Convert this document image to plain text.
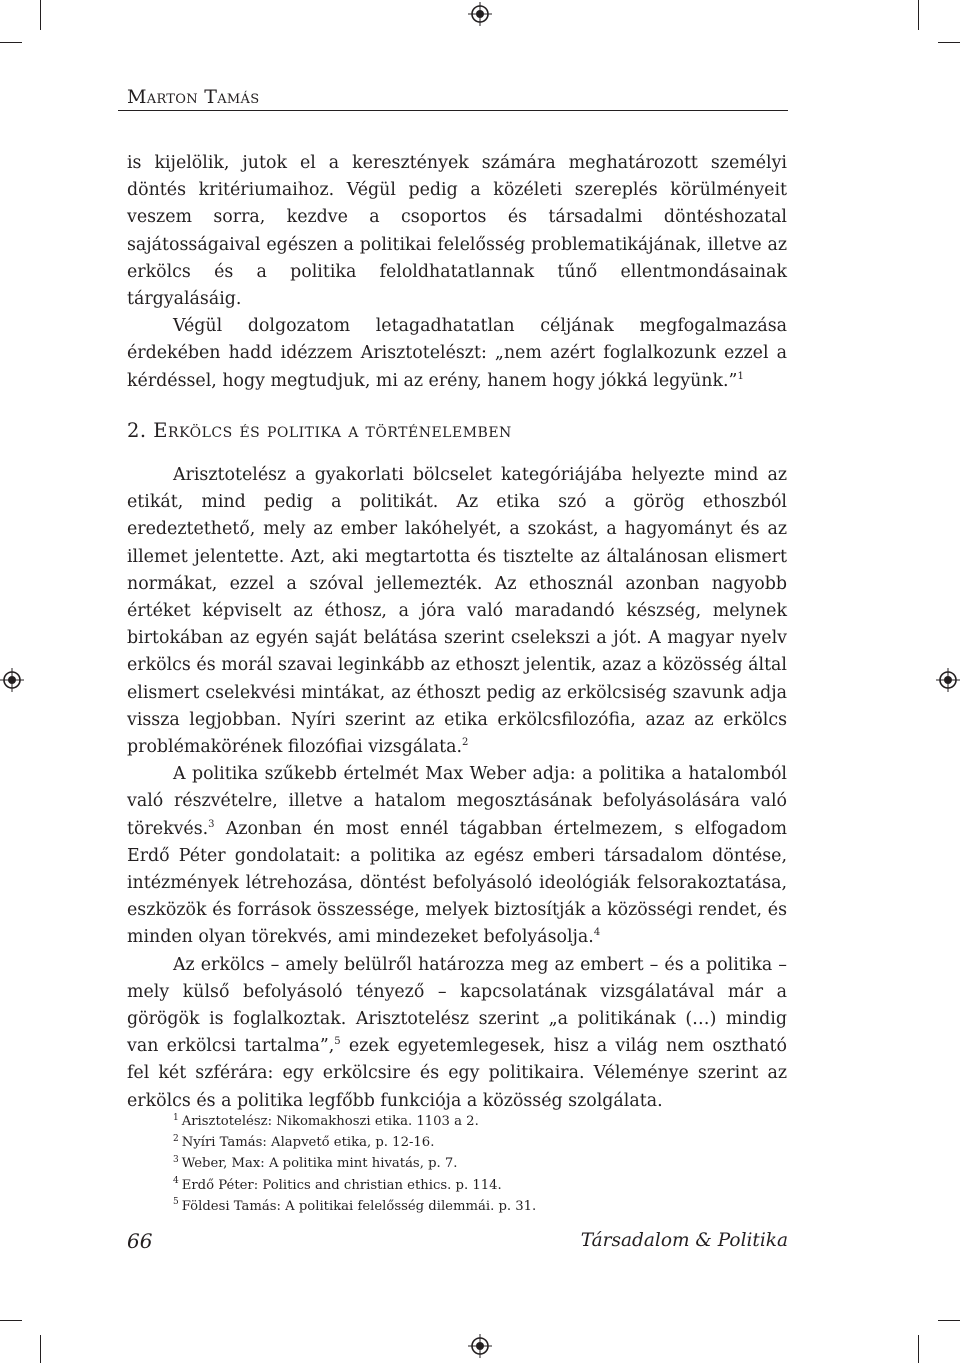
Marton Tamás

is kijelölik, jutok el a keresztények számára meghatározott személyi döntés kritériumaihoz. Végül pedig a közéleti szereplés körülményeit veszem sorra, kezdve a csoportos és társadalmi döntéshozatal sajátosságaival egészen a politikai felelősség problematikájának, illetve az erkölcs és a politika feloldhatatlannak tűnő ellentmondásainak tárgyalásáig.

Végül dolgozatom letagadhatatlan céljának megfogalmazása érdekében hadd idézzem Arisztotelészt: „nem azért foglalkozunk ezzel a kérdéssel, hogy megtudjuk, mi az erény, hanem hogy jókká legyünk.”$^1$

2. Erkölcs és politika a történelemben

Arisztotelész a gyakorlati bölcselet kategóriájába helyezte mind az etikát, mind pedig a politikát. Az etika szó a görög ethoszból eredeztethető, mely az ember lakóhelyét, a szokást, a hagyományt és az illemet jelentette. Azt, aki megtartotta és tisztelte az általánosan elismert normákat, ezzel a szóval jellemezték. Az ethosznál azonban nagyobb értéket képviselt az éthosz, a jóra való maradandó készség, melynek birtokában az egyén saját belátása szerint cselekszi a jót. A magyar nyelv erkölcs és morál szavai leginkább az ethoszt jelentik, azaz a közösség által elismert cselekvési mintákat, az éthoszt pedig az erkölcsiség szavunk adja vissza legjobban. Nyíri szerint az etika erkölcsfilozófia, azaz az erkölcs problémakörének filozófiai vizsgálata.$^2$

A politika szűkebb értelmét Max Weber adja: a politika a hatalomból való részvételre, illetve a hatalom megosztásának befolyásolására való törekvés.$^3$ Azonban én most ennél tágabban értelmezem, s elfogadom Erdő Péter gondolatait: a politika az egész emberi társadalom döntése, intézmények létrehozása, döntést befolyásoló ideológiák felsorakoztatása, eszközök és források összessége, melyek biztosítják a közösségi rendet, és minden olyan törekvés, ami mindezeket befolyásolja.$^4$

Az erkölcs – amely belülről határozza meg az embert – és a politika – mely külső befolyásoló tényező – kapcsolatának vizsgálatával már a görögök is foglalkoztak. Arisztotelész szerint „a politikának (…) mindig van erkölcsi tartalma”,$^5$ ezek egyetemlegesek, hisz a világ nem osztható fel két szférára: egy erkölcsire és egy politikaira. Véleménye szerint az erkölcs és a politika legfőbb funkciója a közösség szolgálata.

$^1$ Arisztotelész: Nikomakhoszi etika. 1103 a 2.
$^2$ Nyíri Tamás: Alapvető etika, p. 12-16.
$^3$ Weber, Max: A politika mint hivatás, p. 7.
$^4$ Erdő Péter: Politics and christian ethics. p. 114.
$^5$ Földesi Tamás: A politikai felelősség dilemmái. p. 31.
66	Társadalom & Politika
